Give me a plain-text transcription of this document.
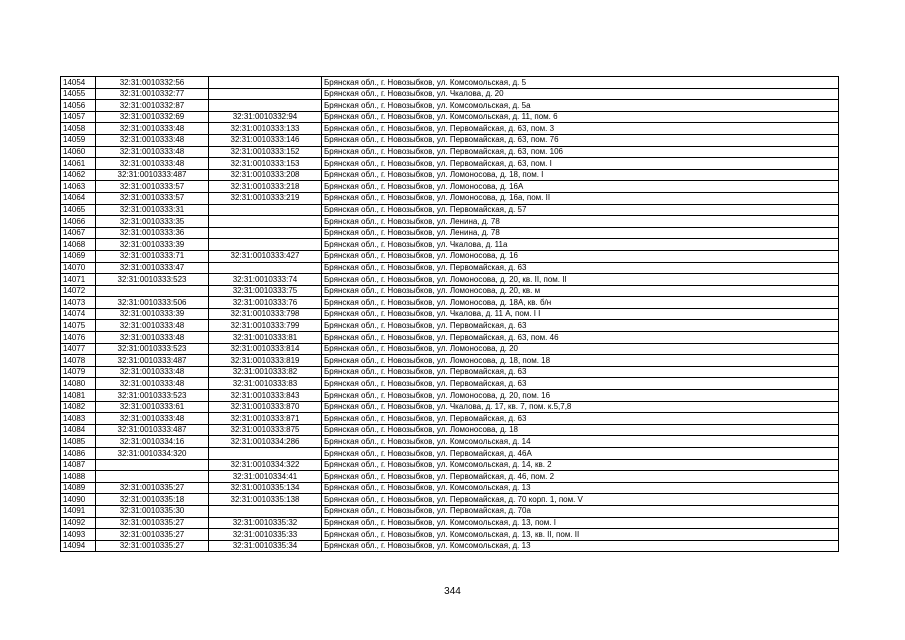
14054	32:31:0010332:56		Брянская обл., г. Новозыбков, ул. Комсомольская, д. 5
14055	32:31:0010332:77		Брянская обл., г. Новозыбков, ул. Чкалова, д. 20
14056	32:31:0010332:87		Брянская обл., г. Новозыбков, ул. Комсомольская, д. 5а
14057	32:31:0010332:69	32:31:0010332:94	Брянская обл., г. Новозыбков, ул. Комсомольская, д. 11, пом. 6
14058	32:31:0010333:48	32:31:0010333:133	Брянская обл., г. Новозыбков, ул. Первомайская, д. 63, пом. 3
14059	32:31:0010333:48	32:31:0010333:146	Брянская обл., г. Новозыбков, ул. Первомайская, д. 63, пом. 76
14060	32:31:0010333:48	32:31:0010333:152	Брянская обл., г. Новозыбков, ул. Первомайская, д. 63, пом. 106
14061	32:31:0010333:48	32:31:0010333:153	Брянская обл., г. Новозыбков, ул. Первомайская, д. 63, пом. I
14062	32:31:0010333:487	32:31:0010333:208	Брянская обл., г. Новозыбков, ул. Ломоносова, д. 18, пом. I
14063	32:31:0010333:57	32:31:0010333:218	Брянская обл., г. Новозыбков, ул. Ломоносова, д. 16А
14064	32:31:0010333:57	32:31:0010333:219	Брянская обл., г. Новозыбков, ул. Ломоносова, д. 16а, пом. II
14065	32:31:0010333:31		Брянская обл., г. Новозыбков, ул. Первомайская, д. 57
14066	32:31:0010333:35		Брянская обл., г. Новозыбков, ул. Ленина, д. 78
14067	32:31:0010333:36		Брянская обл., г. Новозыбков, ул. Ленина, д. 78
14068	32:31:0010333:39		Брянская обл., г. Новозыбков, ул. Чкалова, д. 11а
14069	32:31:0010333:71	32:31:0010333:427	Брянская обл., г. Новозыбков, ул. Ломоносова, д. 16
14070	32:31:0010333:47		Брянская обл., г. Новозыбков, ул. Первомайская, д. 63
14071	32:31:0010333:523	32:31:0010333:74	Брянская обл., г. Новозыбков, ул. Ломоносова, д. 20, кв. II, пом. II
14072		32:31:0010333:75	Брянская обл., г. Новозыбков, ул. Ломоносова, д. 20, кв. м
14073	32:31:0010333:506	32:31:0010333:76	Брянская обл., г. Новозыбков, ул. Ломоносова, д. 18А, кв. б/н
14074	32:31:0010333:39	32:31:0010333:798	Брянская обл., г. Новозыбков, ул. Чкалова, д. 11 А, пом. I I
14075	32:31:0010333:48	32:31:0010333:799	Брянская обл., г. Новозыбков, ул. Первомайская, д. 63
14076	32:31:0010333:48	32:31:0010333:81	Брянская обл., г. Новозыбков, ул. Первомайская, д. 63, пом. 46
14077	32:31:0010333:523	32:31:0010333:814	Брянская обл., г. Новозыбков, ул. Ломоносова, д. 20
14078	32:31:0010333:487	32:31:0010333:819	Брянская обл., г. Новозыбков, ул. Ломоносова, д. 18, пом. 18
14079	32:31:0010333:48	32:31:0010333:82	Брянская обл., г. Новозыбков, ул. Первомайская, д. 63
14080	32:31:0010333:48	32:31:0010333:83	Брянская обл., г. Новозыбков, ул. Первомайская, д. 63
14081	32:31:0010333:523	32:31:0010333:843	Брянская обл., г. Новозыбков, ул. Ломоносова, д. 20, пом. 16
14082	32:31:0010333:61	32:31:0010333:870	Брянская обл., г. Новозыбков, ул. Чкалова, д. 17, кв. 7, пом. к.5,7,8
14083	32:31:0010333:48	32:31:0010333:871	Брянская обл., г. Новозыбков, ул. Первомайская, д. 63
14084	32:31:0010333:487	32:31:0010333:875	Брянская обл., г. Новозыбков, ул. Ломоносова, д. 18
14085	32:31:0010334:16	32:31:0010334:286	Брянская обл., г. Новозыбков, ул. Комсомольская, д. 14
14086	32:31:0010334:320		Брянская обл., г. Новозыбков, ул. Первомайская, д. 46А
14087		32:31:0010334:322	Брянская обл., г. Новозыбков, ул. Комсомольская, д. 14, кв. 2
14088		32:31:0010334:41	Брянская обл., г. Новозыбков, ул. Первомайская, д. 46, пом. 2
14089	32:31:0010335:27	32:31:0010335:134	Брянская обл., г. Новозыбков, ул. Комсомольская, д. 13
14090	32:31:0010335:18	32:31:0010335:138	Брянская обл., г. Новозыбков, ул. Первомайская, д. 70 корп. 1, пом. V
14091	32:31:0010335:30		Брянская обл., г. Новозыбков, ул. Первомайская, д. 70а
14092	32:31:0010335:27	32:31:0010335:32	Брянская обл., г. Новозыбков, ул. Комсомольская, д. 13, пом. I
14093	32:31:0010335:27	32:31:0010335:33	Брянская обл., г. Новозыбков, ул. Комсомольская, д. 13, кв. II, пом. II
14094	32:31:0010335:27	32:31:0010335:34	Брянская обл., г. Новозыбков, ул. Комсомольская, д. 13
344
